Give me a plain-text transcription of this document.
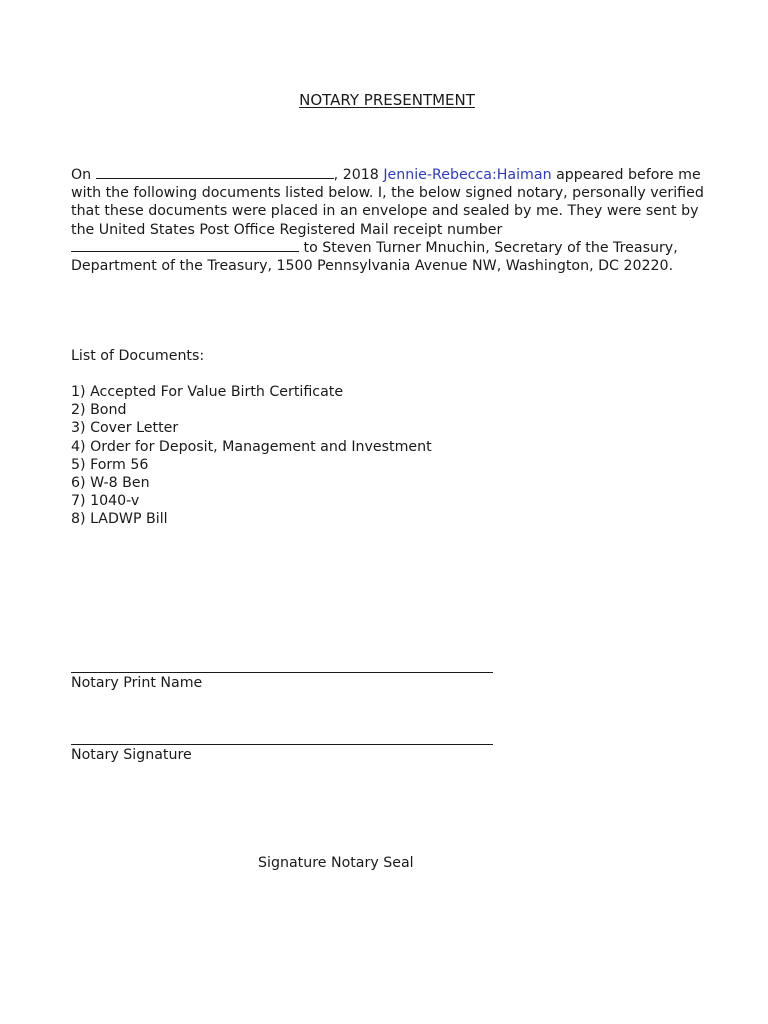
NOTARY PRESENTMENT
On	, 2018 Jennie-Rebecca:Haiman appeared before me with the following documents listed below. I, the below signed notary, personally verified that these documents were placed in an envelope and sealed by me. They were sent by the United States Post Office Registered Mail receipt number  to Steven Turner Mnuchin, Secretary of the Treasury, Department of the Treasury, 1500 Pennsylvania Avenue NW, Washington, DC 20220.
List of Documents:
1) Accepted For Value Birth Certificate
2) Bond
3) Cover Letter
4) Order for Deposit, Management and Investment
5) Form 56
6) W-8 Ben
7) 1040-v
8) LADWP Bill
Notary Print Name
Notary Signature
Signature Notary Seal
